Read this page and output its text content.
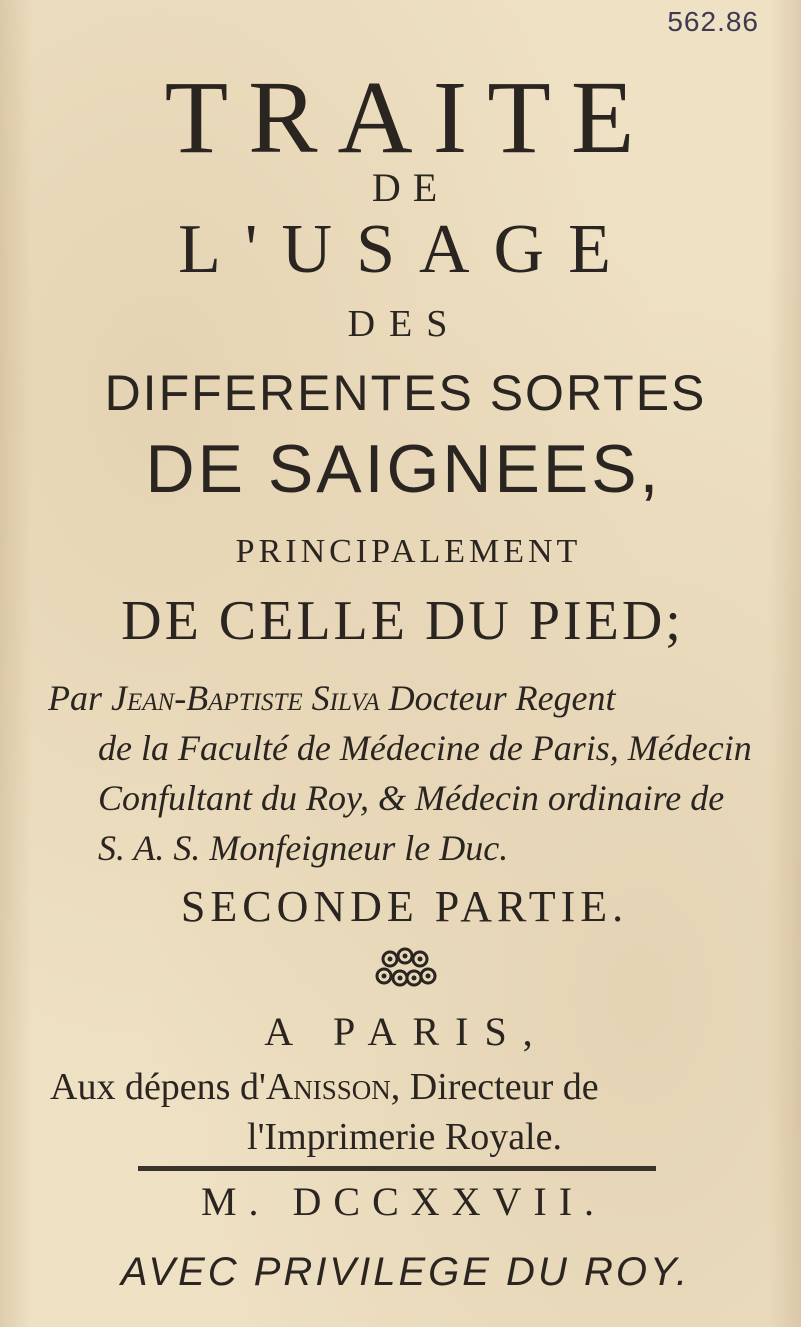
562.86
TRAITE
DE
L'USAGE
DES
DIFFERENTES SORTES
DE SAIGNEES,
PRINCIPALEMENT
DE CELLE DU PIED;
Par Jean-Baptiste Silva Docteur Regent
de la Faculté de Médecine de Paris, Médecin
Confultant du Roy, & Médecin ordinaire de
S. A. S. Monfeigneur le Duc.
SECONDE PARTIE.
A PARIS,
Aux dépens d'Anisson, Directeur de
l'Imprimerie Royale.
M. DCCXXVII.
AVEC PRIVILEGE DU ROY.
